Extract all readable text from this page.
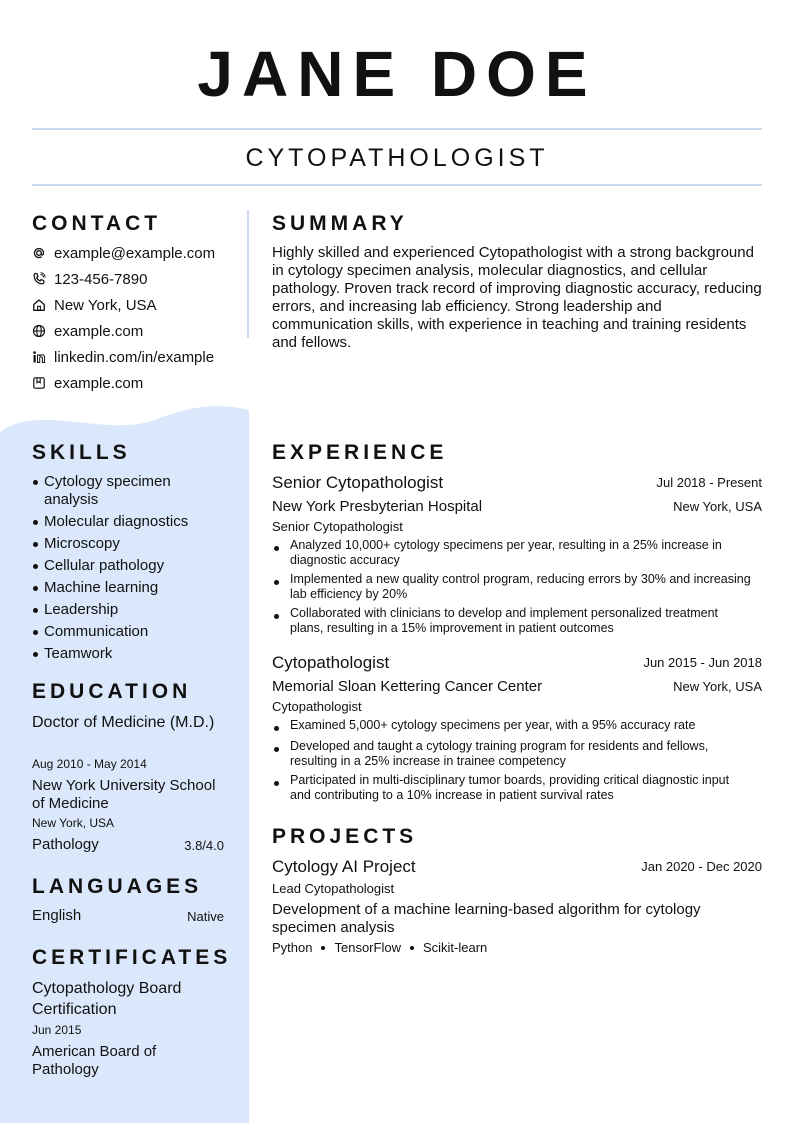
JANE DOE
CYTOPATHOLOGIST
CONTACT
example@example.com
123-456-7890
New York, USA
example.com
linkedin.com/in/example
example.com
SKILLS
Cytology specimen analysis
Molecular diagnostics
Microscopy
Cellular pathology
Machine learning
Leadership
Communication
Teamwork
EDUCATION
Doctor of Medicine (M.D.)
Aug 2010 - May 2014
New York University School of Medicine
New York, USA
Pathology	3.8/4.0
LANGUAGES
English	Native
CERTIFICATES
Cytopathology Board Certification
Jun 2015
American Board of Pathology
SUMMARY
Highly skilled and experienced Cytopathologist with a strong background in cytology specimen analysis, molecular diagnostics, and cellular pathology. Proven track record of improving diagnostic accuracy, reducing errors, and increasing lab efficiency. Strong leadership and communication skills, with experience in teaching and training residents and fellows.
EXPERIENCE
Senior Cytopathologist	Jul 2018 - Present
New York Presbyterian Hospital	New York, USA
Senior Cytopathologist
Analyzed 10,000+ cytology specimens per year, resulting in a 25% increase in diagnostic accuracy
Implemented a new quality control program, reducing errors by 30% and increasing lab efficiency by 20%
Collaborated with clinicians to develop and implement personalized treatment plans, resulting in a 15% improvement in patient outcomes
Cytopathologist	Jun 2015 - Jun 2018
Memorial Sloan Kettering Cancer Center	New York, USA
Cytopathologist
Examined 5,000+ cytology specimens per year, with a 95% accuracy rate
Developed and taught a cytology training program for residents and fellows, resulting in a 25% increase in trainee competency
Participated in multi-disciplinary tumor boards, providing critical diagnostic input and contributing to a 10% increase in patient survival rates
PROJECTS
Cytology AI Project	Jan 2020 - Dec 2020
Lead Cytopathologist
Development of a machine learning-based algorithm for cytology specimen analysis
Python TensorFlow Scikit-learn
